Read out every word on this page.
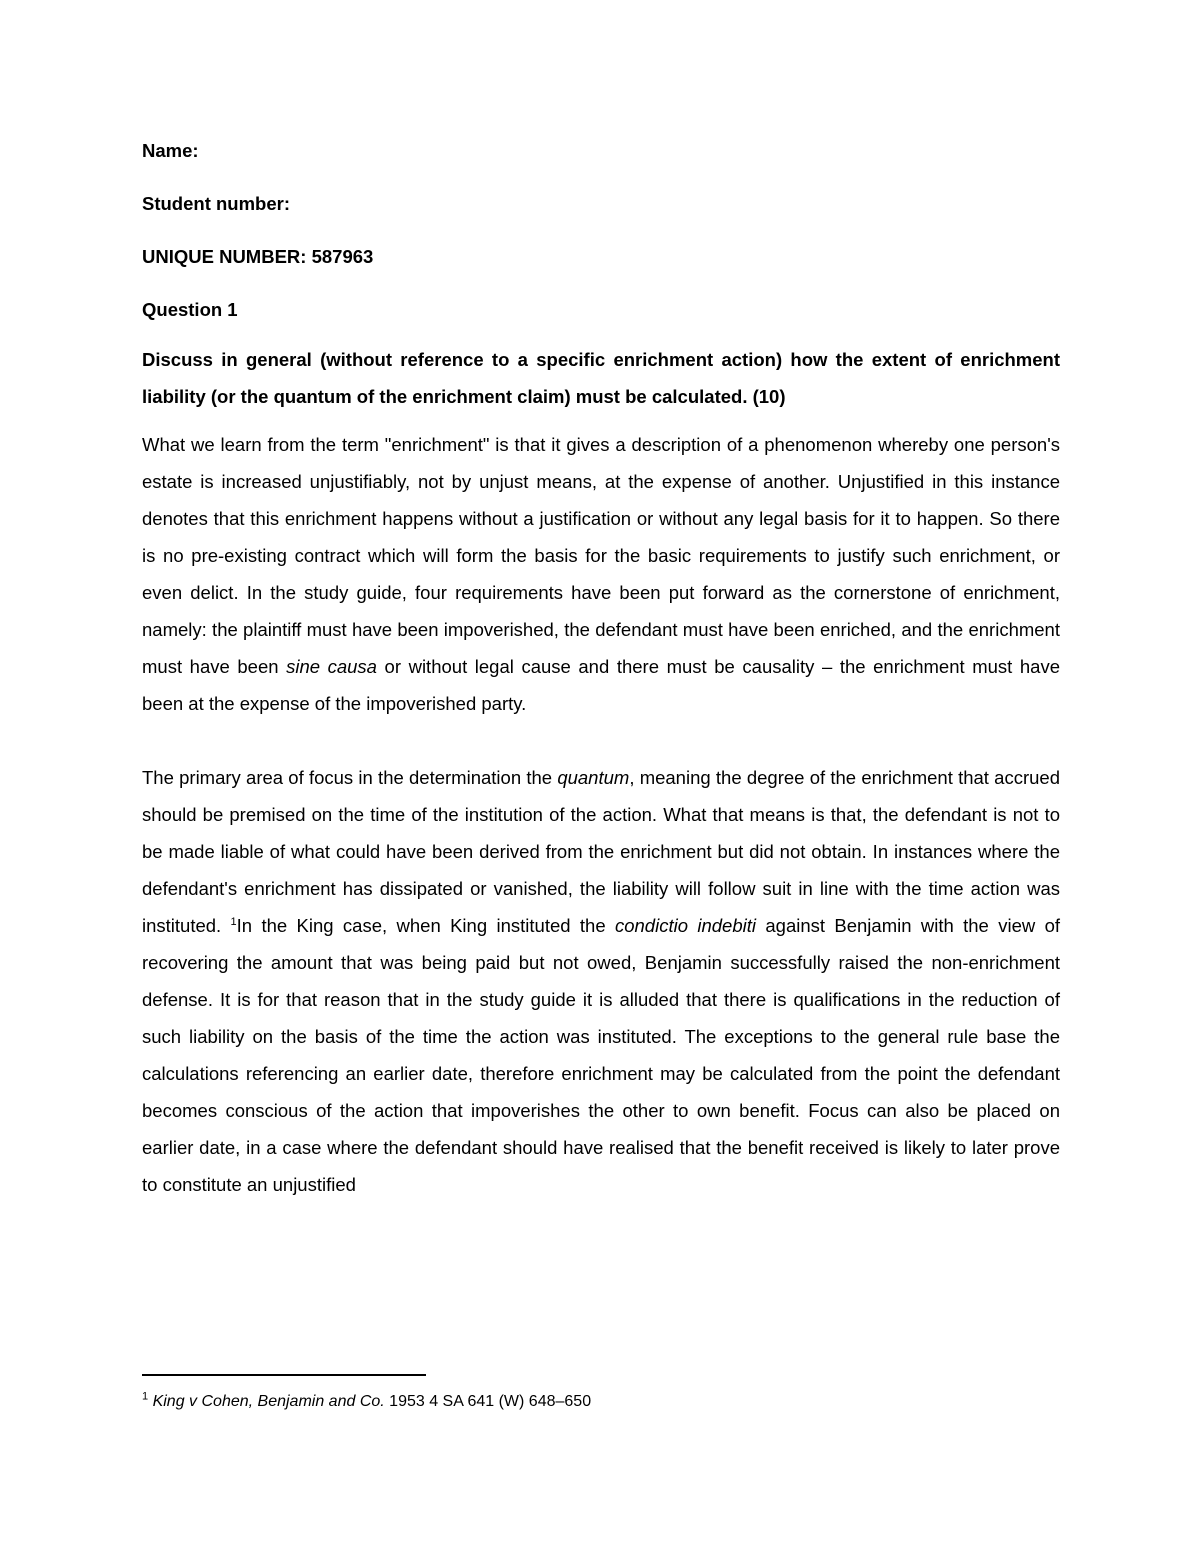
Name:

Student number:

UNIQUE NUMBER: 587963

Question 1

Discuss in general (without reference to a specific enrichment action) how the extent of enrichment liability (or the quantum of the enrichment claim) must be calculated. (10)

What we learn from the term "enrichment" is that it gives a description of a phenomenon whereby one person's estate is increased unjustifiably, not by unjust means, at the expense of another. Unjustified in this instance denotes that this enrichment happens without a justification or without any legal basis for it to happen. So there is no pre-existing contract which will form the basis for the basic requirements to justify such enrichment, or even delict. In the study guide, four requirements have been put forward as the cornerstone of enrichment, namely: the plaintiff must have been impoverished, the defendant must have been enriched, and the enrichment must have been sine causa or without legal cause and there must be causality – the enrichment must have been at the expense of the impoverished party.

The primary area of focus in the determination the quantum, meaning the degree of the enrichment that accrued should be premised on the time of the institution of the action. What that means is that, the defendant is not to be made liable of what could have been derived from the enrichment but did not obtain. In instances where the defendant's enrichment has dissipated or vanished, the liability will follow suit in line with the time action was instituted. $^1$In the King case, when King instituted the condictio indebiti against Benjamin with the view of recovering the amount that was being paid but not owed, Benjamin successfully raised the non-enrichment defense. It is for that reason that in the study guide it is alluded that there is qualifications in the reduction of such liability on the basis of the time the action was instituted. The exceptions to the general rule base the calculations referencing an earlier date, therefore enrichment may be calculated from the point the defendant becomes conscious of the action that impoverishes the other to own benefit. Focus can also be placed on earlier date, in a case where the defendant should have realised that the benefit received is likely to later prove to constitute an unjustified

$^1$ King v Cohen, Benjamin and Co. 1953 4 SA 641 (W) 648–650
